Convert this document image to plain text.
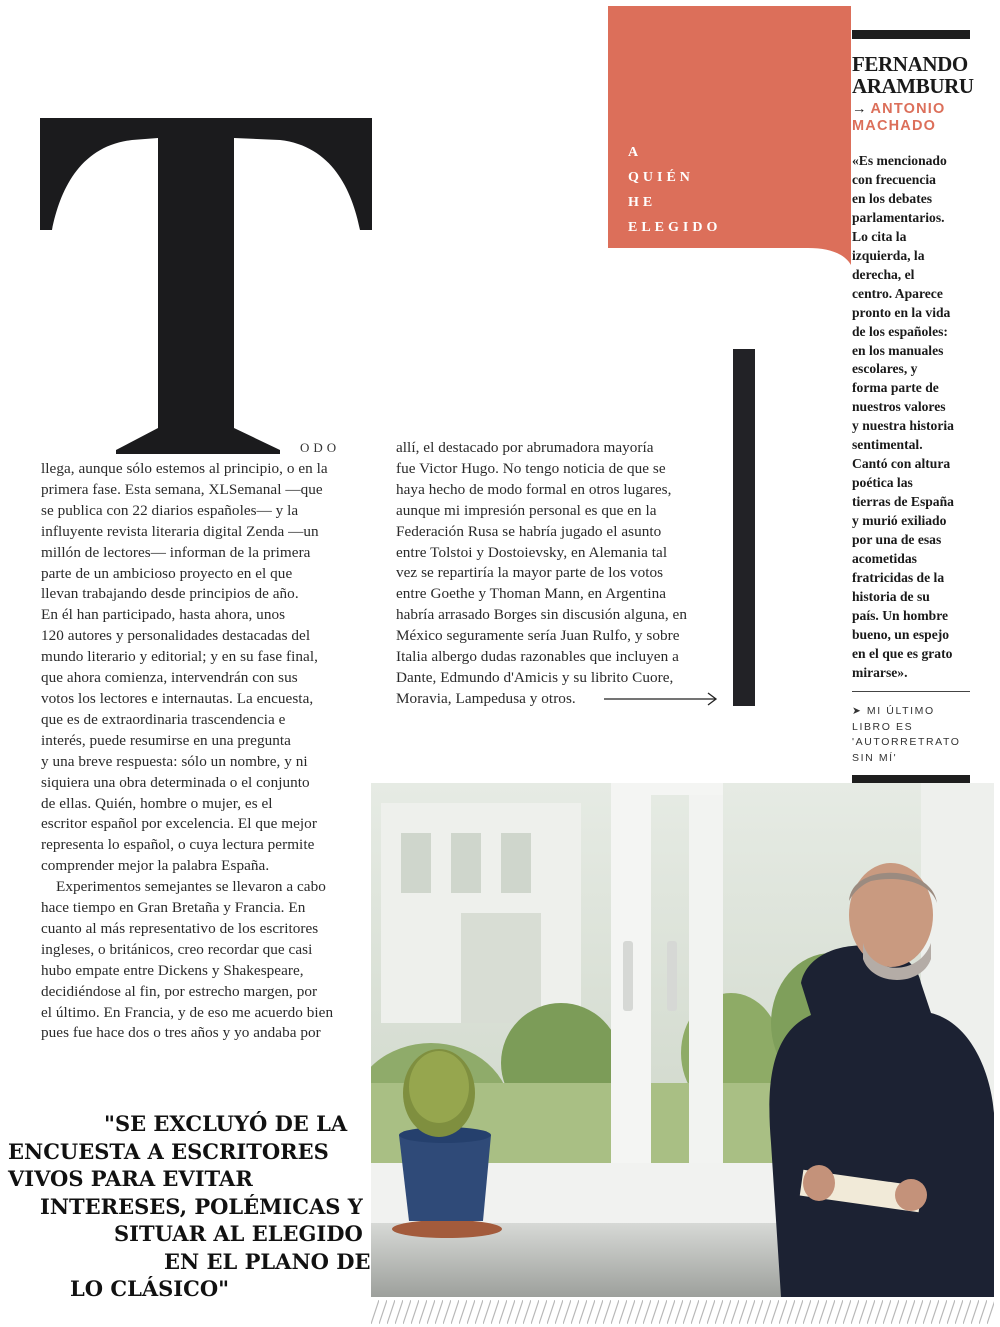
ODO

llega, aunque sólo estemos al principio, o en la

primera fase. Esta semana, XLSemanal —que

se publica con 22 diarios españoles— y la

influyente revista literaria digital Zenda —un

millón de lectores— informan de la primera

parte de un ambicioso proyecto en el que

llevan trabajando desde principios de año.

En él han participado, hasta ahora, unos

120 autores y personalidades destacadas del

mundo literario y editorial; y en su fase final,

que ahora comienza, intervendrán con sus

votos los lectores e internautas. La encuesta,

que es de extraordinaria trascendencia e

interés, puede resumirse en una pregunta

y una breve respuesta: sólo un nombre, y ni

siquiera una obra determinada o el conjunto

de ellas. Quién, hombre o mujer, es el

escritor español por excelencia. El que mejor

representa lo español, o cuya lectura permite

comprender mejor la palabra España.

Experimentos semejantes se llevaron a cabo

hace tiempo en Gran Bretaña y Francia. En

cuanto al más representativo de los escritores

ingleses, o británicos, creo recordar que casi

hubo empate entre Dickens y Shakespeare,

decidiéndose al fin, por estrecho margen, por

el último. En Francia, y de eso me acuerdo bien

pues fue hace dos o tres años y yo andaba por

allí, el destacado por abrumadora mayoría

fue Victor Hugo. No tengo noticia de que se

haya hecho de modo formal en otros lugares,

aunque mi impresión personal es que en la

Federación Rusa se habría jugado el asunto

entre Tolstoi y Dostoievsky, en Alemania tal

vez se repartiría la mayor parte de los votos

entre Goethe y Thoman Mann, en Argentina

habría arrasado Borges sin discusión alguna, en

México seguramente sería Juan Rulfo, y sobre

Italia albergo dudas razonables que incluyen a

Dante, Edmundo d'Amicis y su librito Cuore,

Moravia, Lampedusa y otros.

A
QUIÉN
HE
ELEGIDO
FERNANDO
ARAMBURU
→ ANTONIO
MACHADO
«Es mencionado
con frecuencia
en los debates
parlamentarios.
Lo cita la
izquierda, la
derecha, el
centro. Aparece
pronto en la vida
de los españoles:
en los manuales
escolares, y
forma parte de
nuestros valores
y nuestra historia
sentimental.
Cantó con altura
poética las
tierras de España
y murió exiliado
por una de esas
acometidas
fratricidas de la
historia de su
país. Un hombre
bueno, un espejo
en el que es grato
mirarse».
➤ MI ÚLTIMO
LIBRO ES
'AUTORRETRATO
SIN MÍ'
"SE EXCLUYÓ DE LA
ENCUESTA A ESCRITORES
VIVOS PARA EVITAR
INTERESES, POLÉMICAS Y
SITUAR AL ELEGIDO
EN EL PLANO DE
LO CLÁSICO"
